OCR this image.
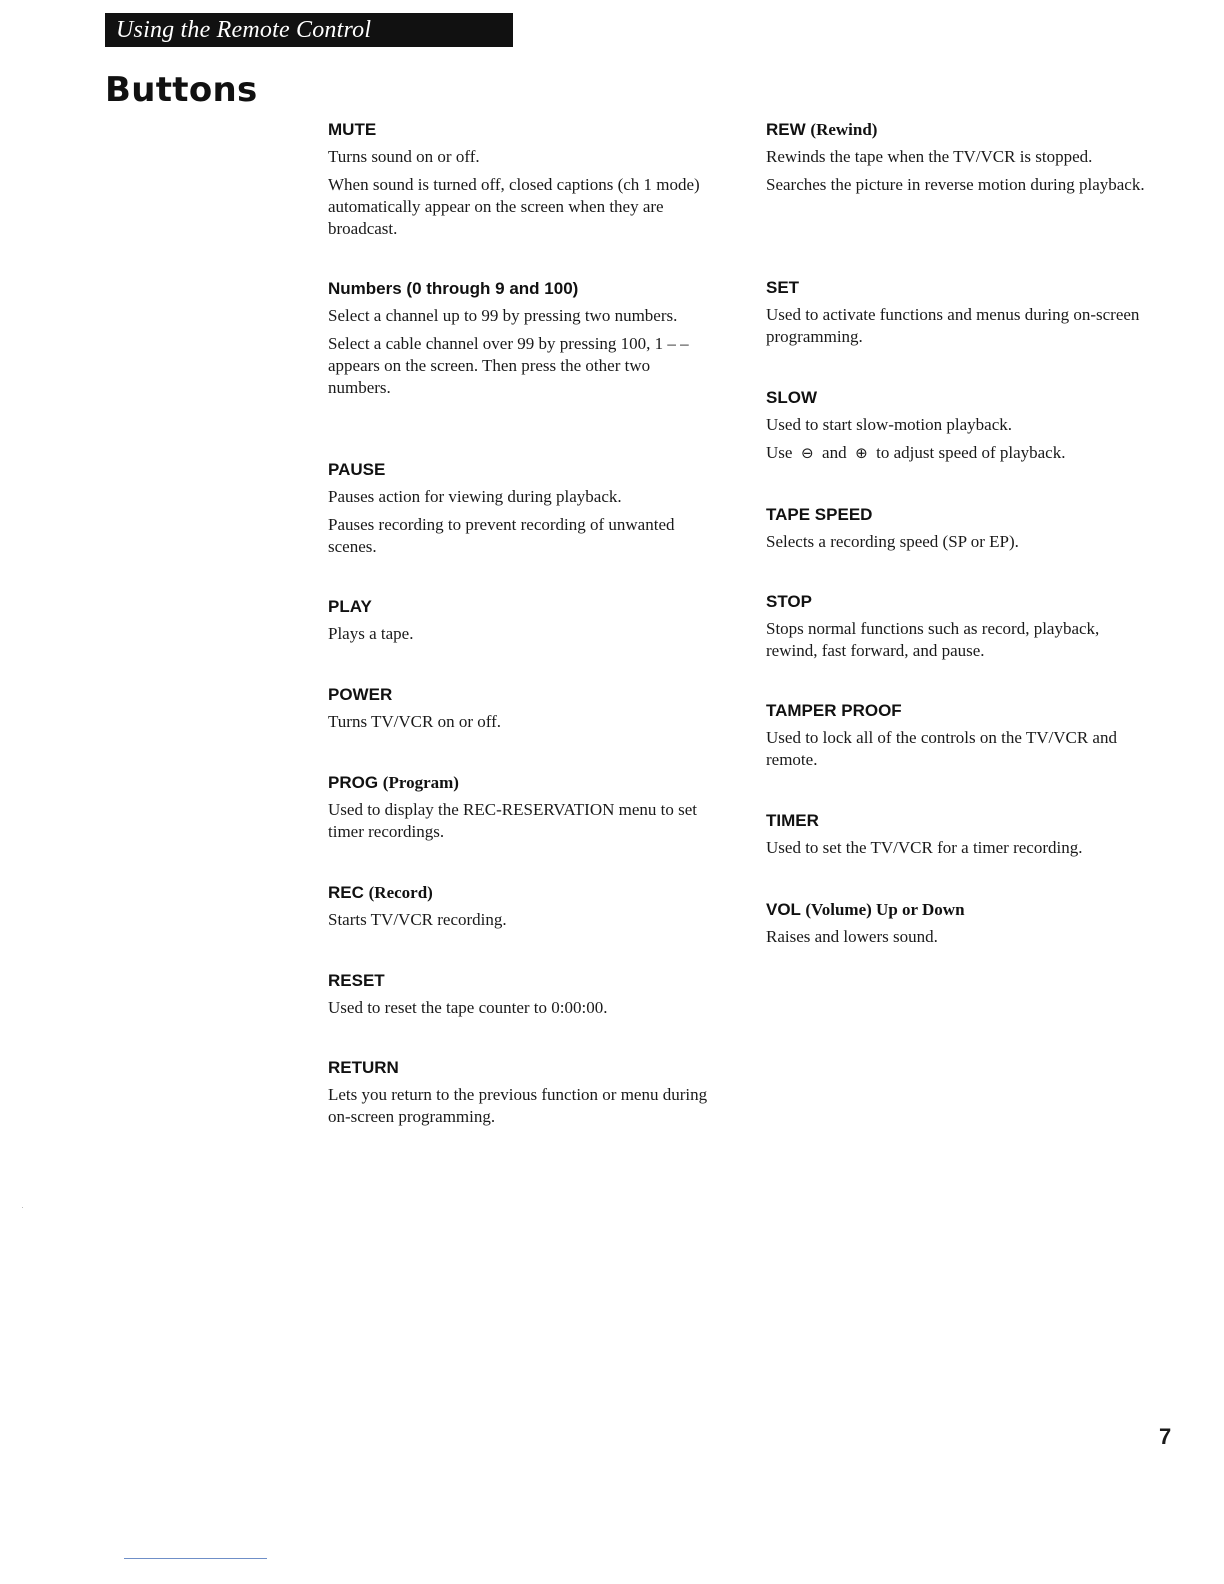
Using the Remote Control
Buttons
MUTE

Turns sound on or off.

When sound is turned off, closed captions (ch 1 mode) automatically appear on the screen when they are broadcast.

Numbers (0 through 9 and 100)

Select a channel up to 99 by pressing two numbers.

Select a cable channel over 99 by pressing 100, 1 – – appears on the screen. Then press the other two numbers.

PAUSE

Pauses action for viewing during playback.

Pauses recording to prevent recording of unwanted scenes.

PLAY

Plays a tape.

POWER

Turns TV/VCR on or off.

PROG (Program)

Used to display the REC-RESERVATION menu to set timer recordings.

REC (Record)

Starts TV/VCR recording.

RESET

Used to reset the tape counter to 0:00:00.

RETURN

Lets you return to the previous function or menu during on-screen programming.

REW (Rewind)

Rewinds the tape when the TV/VCR is stopped.

Searches the picture in reverse motion during playback.

SET

Used to activate functions and menus during on-screen programming.

SLOW

Used to start slow-motion playback.

Use ⊖ and ⊕ to adjust speed of playback.

TAPE SPEED

Selects a recording speed (SP or EP).

STOP

Stops normal functions such as record, playback, rewind, fast forward, and pause.

TAMPER PROOF

Used to lock all of the controls on the TV/VCR and remote.

TIMER

Used to set the TV/VCR for a timer recording.

VOL (Volume) Up or Down

Raises and lowers sound.

7
